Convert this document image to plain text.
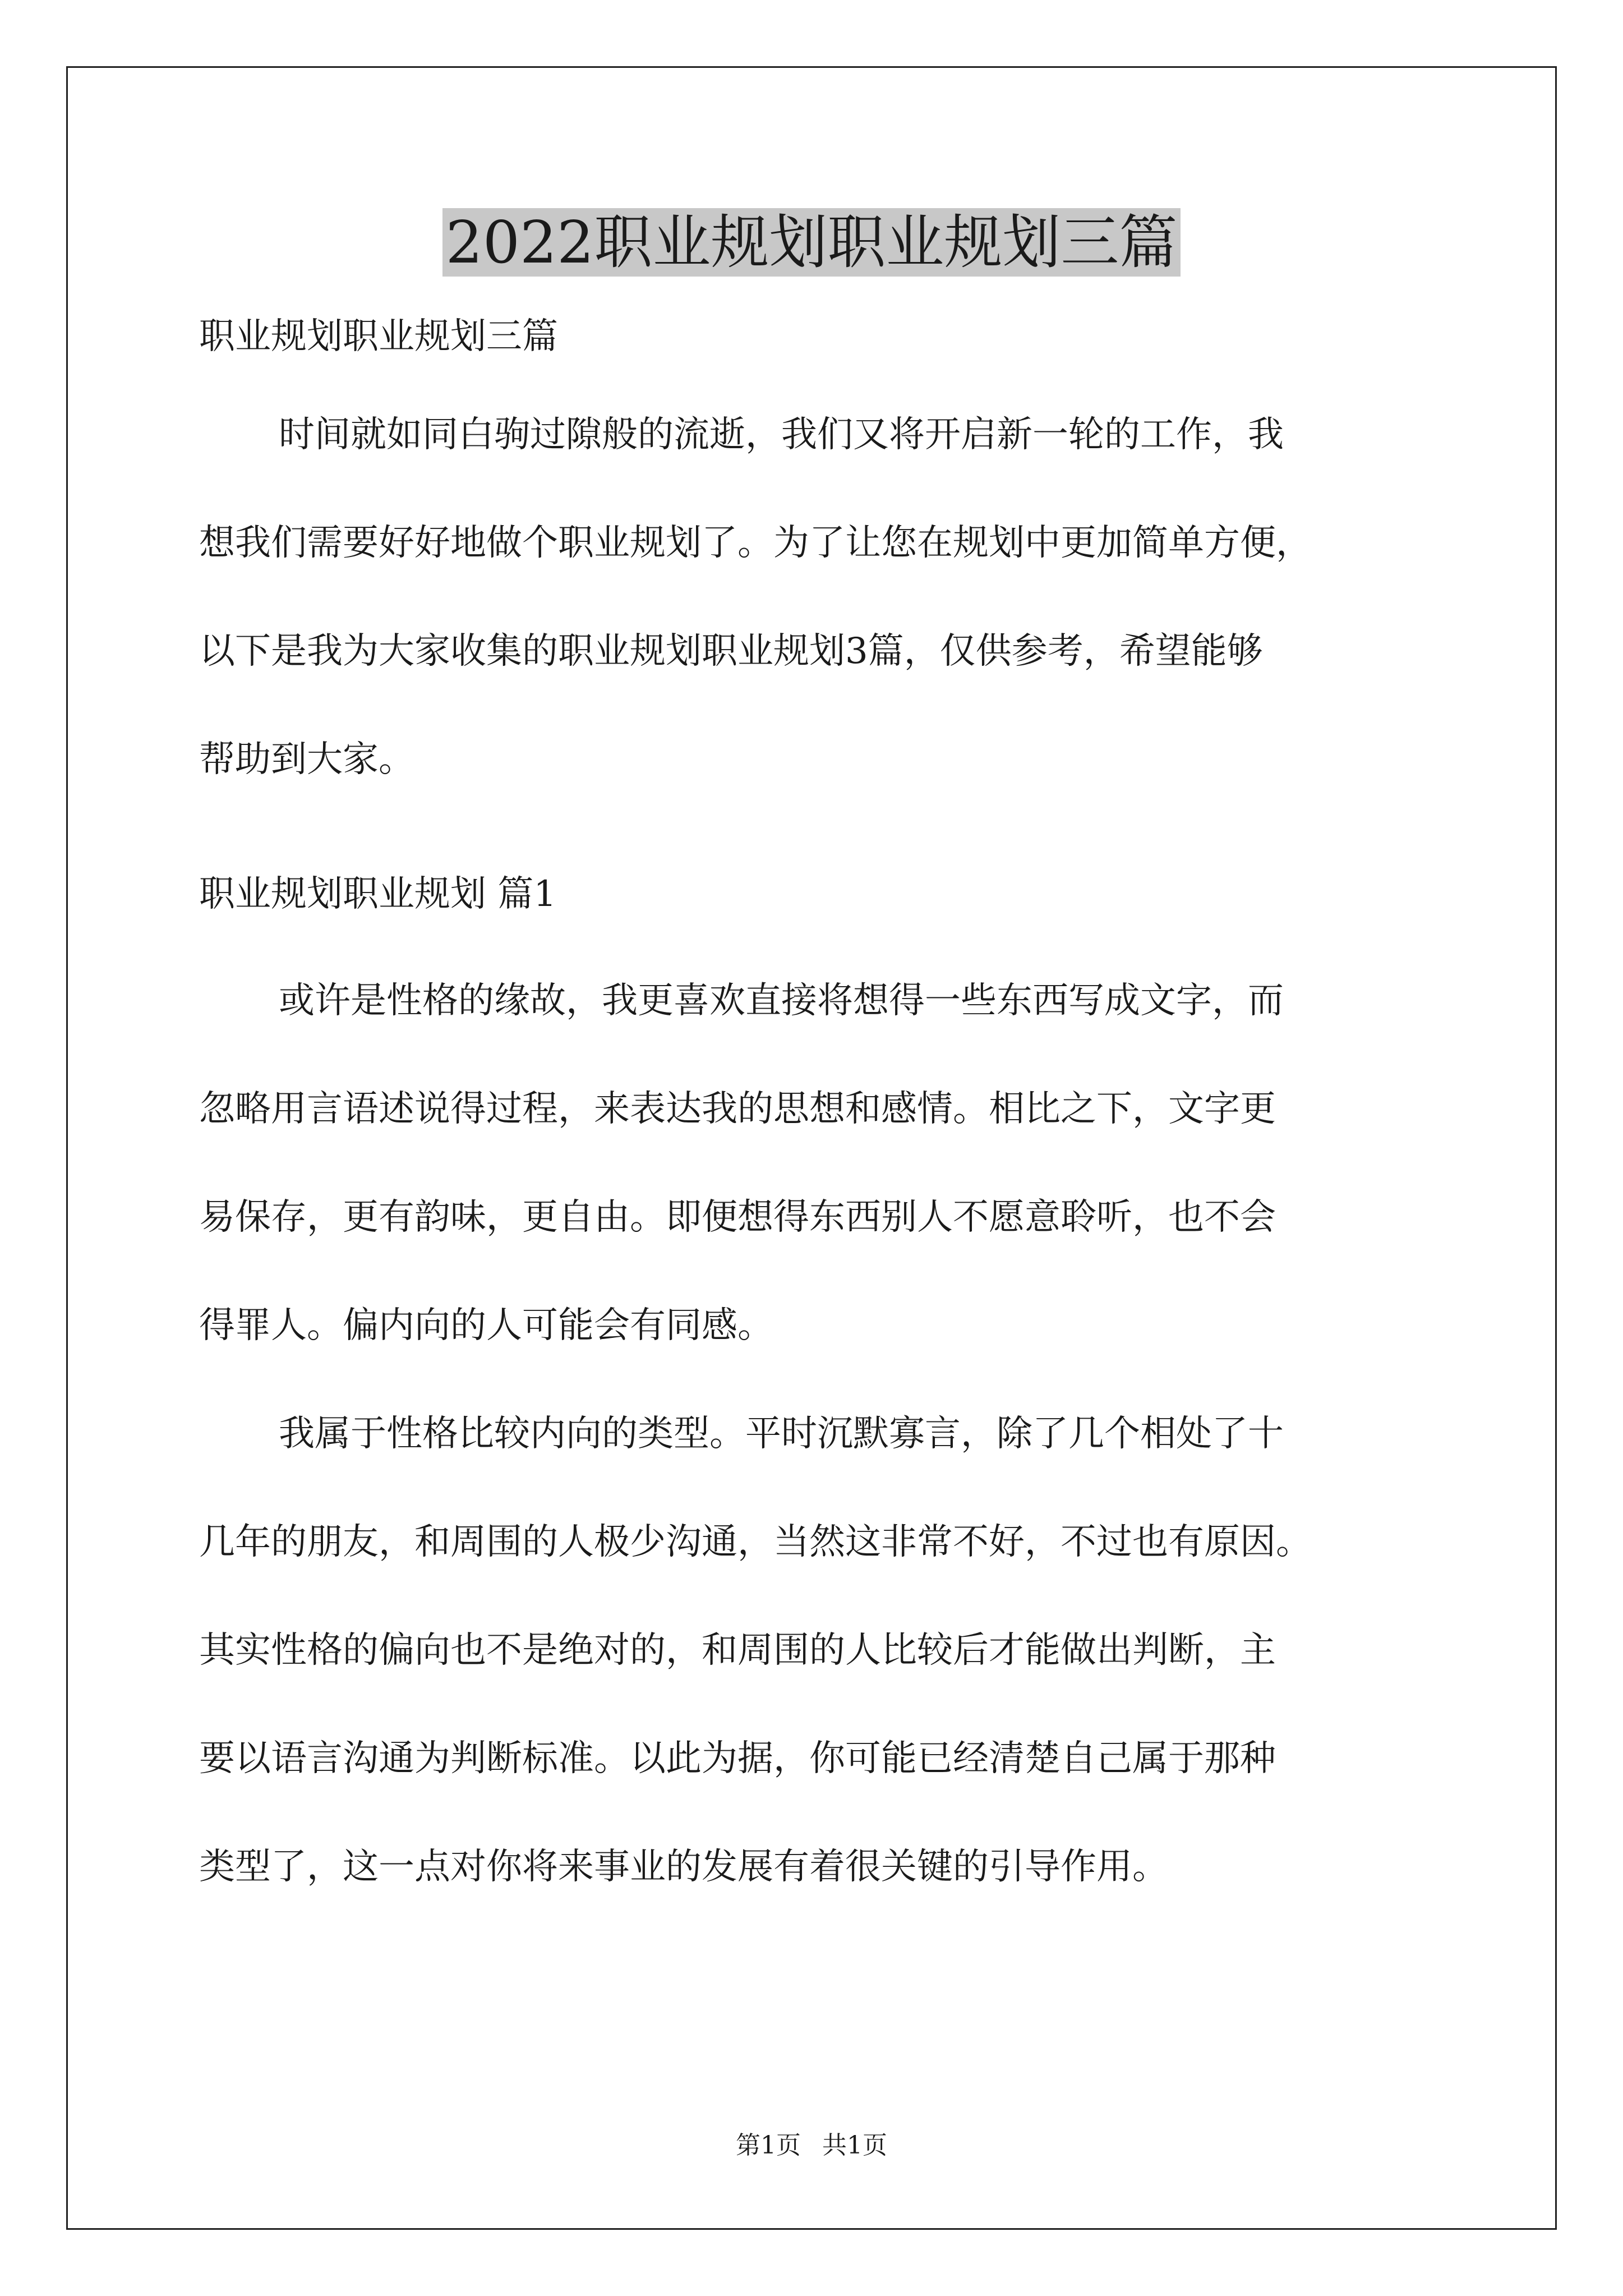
2022职业规划职业规划三篇
职业规划职业规划三篇
时间就如同白驹过隙般的流逝，我们又将开启新一轮的工作，我
想我们需要好好地做个职业规划了。为了让您在规划中更加简单方便，
以下是我为大家收集的职业规划职业规划3篇，仅供参考，希望能够
帮助到大家。
职业规划职业规划 篇1
或许是性格的缘故，我更喜欢直接将想得一些东西写成文字，而
忽略用言语述说得过程，来表达我的思想和感情。相比之下，文字更
易保存，更有韵味，更自由。即便想得东西别人不愿意聆听，也不会
得罪人。偏内向的人可能会有同感。
我属于性格比较内向的类型。平时沉默寡言，除了几个相处了十
几年的朋友，和周围的人极少沟通，当然这非常不好，不过也有原因。
其实性格的偏向也不是绝对的，和周围的人比较后才能做出判断，主
要以语言沟通为判断标准。以此为据，你可能已经清楚自己属于那种
类型了，这一点对你将来事业的发展有着很关键的引导作用。
第1页 共1页
